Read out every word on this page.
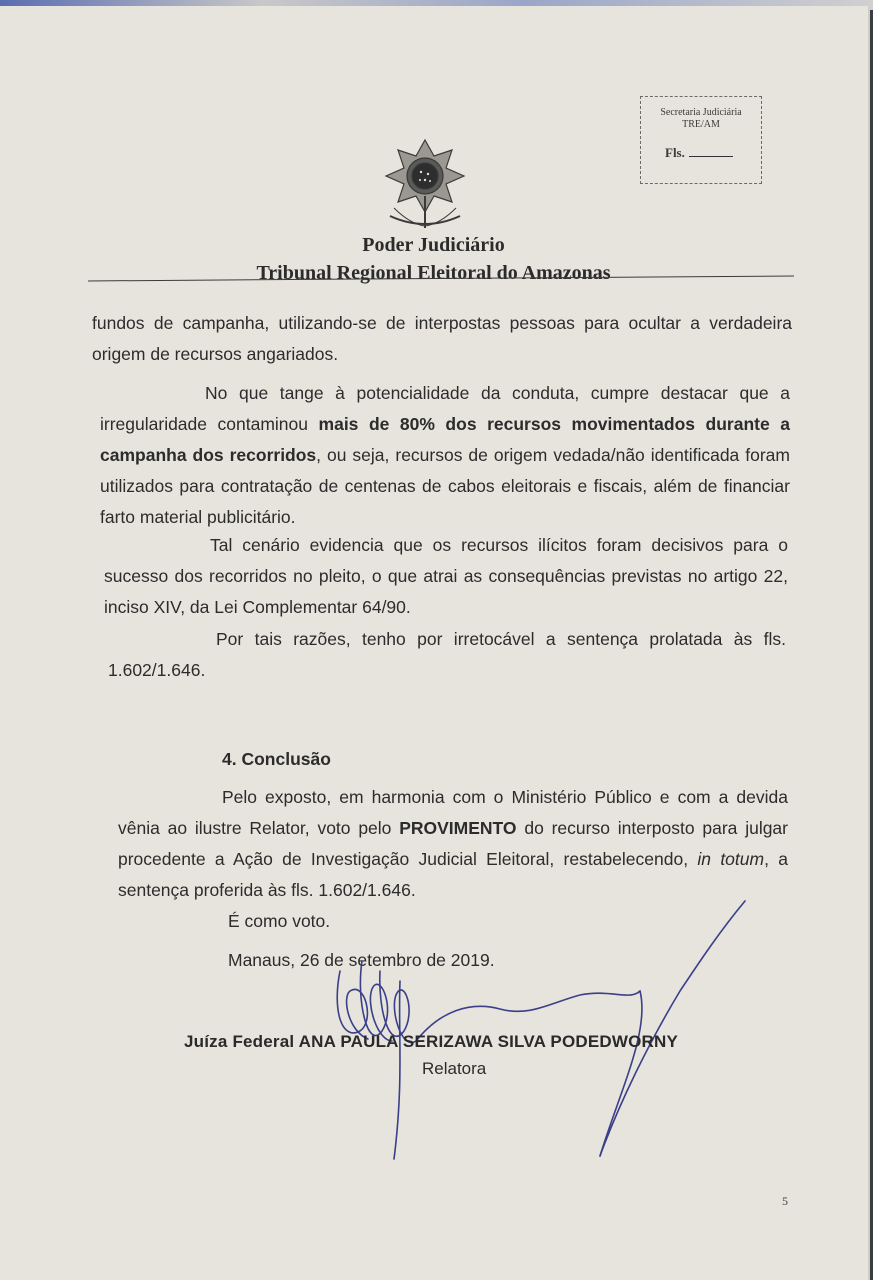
Secretaria Judiciária
TRE/AM
Fls.
Poder Judiciário
Tribunal Regional Eleitoral do Amazonas
fundos de campanha, utilizando-se de interpostas pessoas para ocultar a verdadeira origem de recursos angariados.
No que tange à potencialidade da conduta, cumpre destacar que a irregularidade contaminou mais de 80% dos recursos movimentados durante a campanha dos recorridos, ou seja, recursos de origem vedada/não identificada foram utilizados para contratação de centenas de cabos eleitorais e fiscais, além de financiar farto material publicitário.
Tal cenário evidencia que os recursos ilícitos foram decisivos para o sucesso dos recorridos no pleito, o que atrai as consequências previstas no artigo 22, inciso XIV, da Lei Complementar 64/90.
Por tais razões, tenho por irretocável a sentença prolatada às fls. 1.602/1.646.
4. Conclusão
Pelo exposto, em harmonia com o Ministério Público e com a devida vênia ao ilustre Relator, voto pelo PROVIMENTO do recurso interposto para julgar procedente a Ação de Investigação Judicial Eleitoral, restabelecendo, in totum, a sentença proferida às fls. 1.602/1.646.
É como voto.
Manaus, 26 de setembro de 2019.
Juíza Federal ANA PAULA SERIZAWA SILVA PODEDWORNY
Relatora
5
